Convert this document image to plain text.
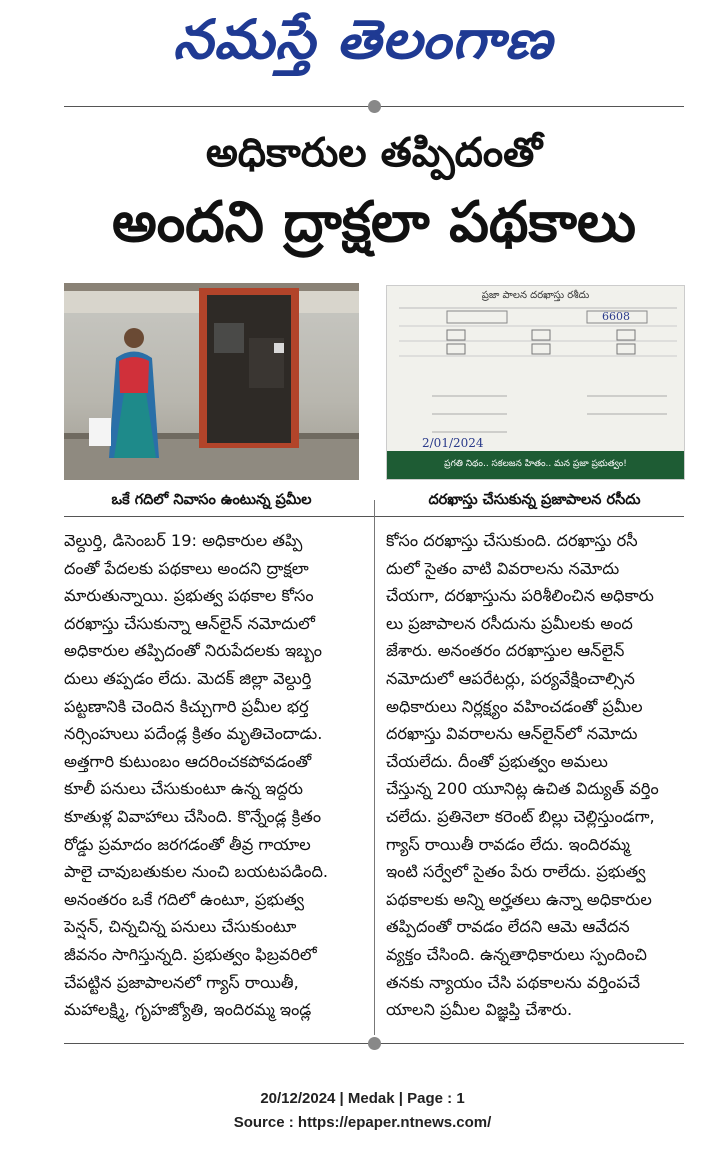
నమస్తే తెలంగాణ
అధికారుల తప్పిదంతో
అందని ద్రాక్షలా పథకాలు
ప్రజా పాలన దరఖాస్తు రశీదు
6608
2/01/2024
ప్రగతి నిథం.. సకలజన హితం.. మన ప్రజా ప్రభుత్వం!
ఒకే గదిలో నివాసం ఉంటున్న ప్రమీల	దరఖాస్తు చేసుకున్న ప్రజాపాలన రసీదు

వెల్దుర్తి, డిసెంబర్ 19: అధికారుల తప్పి

దంతో పేదలకు పథకాలు అందని ద్రాక్షలా

మారుతున్నాయి. ప్రభుత్వ పథకాల కోసం

దరఖాస్తు చేసుకున్నా ఆన్‌లైన్ నమోదులో

అధికారుల తప్పిదంతో నిరుపేదలకు ఇబ్బం

దులు తప్పడం లేదు. మెదక్ జిల్లా వెల్దుర్తి

పట్టణానికి చెందిన కిచ్చుగారి ప్రమీల భర్త

నర్సింహులు పదేండ్ల క్రితం మృతిచెందాడు.

అత్తగారి కుటుంబం ఆదరించకపోవడంతో

కూలీ పనులు చేసుకుంటూ ఉన్న ఇద్దరు

కూతుళ్ల వివాహాలు చేసింది. కొన్నేండ్ల క్రితం

రోడ్డు ప్రమాదం జరగడంతో తీవ్ర గాయాల

పాలై చావుబతుకుల నుంచి బయటపడింది.

అనంతరం ఒకే గదిలో ఉంటూ, ప్రభుత్వ

పెన్షన్, చిన్నచిన్న పనులు చేసుకుంటూ

జీవనం సాగిస్తున్నది. ప్రభుత్వం ఫిబ్రవరిలో

చేపట్టిన ప్రజాపాలనలో గ్యాస్ రాయితీ,

మహాలక్ష్మి, గృహజ్యోతి, ఇందిరమ్మ ఇండ్ల

కోసం దరఖాస్తు చేసుకుంది. దరఖాస్తు రసీ

దులో సైతం వాటి వివరాలను నమోదు

చేయగా, దరఖాస్తును పరిశీలించిన అధికారు

లు ప్రజాపాలన రసీదును ప్రమీలకు అంద

జేశారు. అనంతరం దరఖాస్తుల ఆన్‌లైన్

నమోదులో ఆపరేటర్లు, పర్యవేక్షించాల్సిన

అధికారులు నిర్లక్ష్యం వహించడంతో ప్రమీల

దరఖాస్తు వివరాలను ఆన్‌లైన్‌లో నమోదు

చేయలేదు. దీంతో ప్రభుత్వం అమలు

చేస్తున్న 200 యూనిట్ల ఉచిత విద్యుత్ వర్తిం

చలేదు. ప్రతినెలా కరెంట్ బిల్లు చెల్లిస్తుండగా,

గ్యాస్ రాయితీ రావడం లేదు. ఇందిరమ్మ

ఇంటి సర్వేలో సైతం పేరు రాలేదు. ప్రభుత్వ

పథకాలకు అన్ని అర్హతలు ఉన్నా అధికారుల

తప్పిదంతో రావడం లేదని ఆమె ఆవేదన

వ్యక్తం చేసింది. ఉన్నతాధికారులు స్పందించి

తనకు న్యాయం చేసి పథకాలను వర్తింపచే

యాలని ప్రమీల విజ్ఞప్తి చేశారు.

20/12/2024 | Medak | Page : 1
Source : https://epaper.ntnews.com/
